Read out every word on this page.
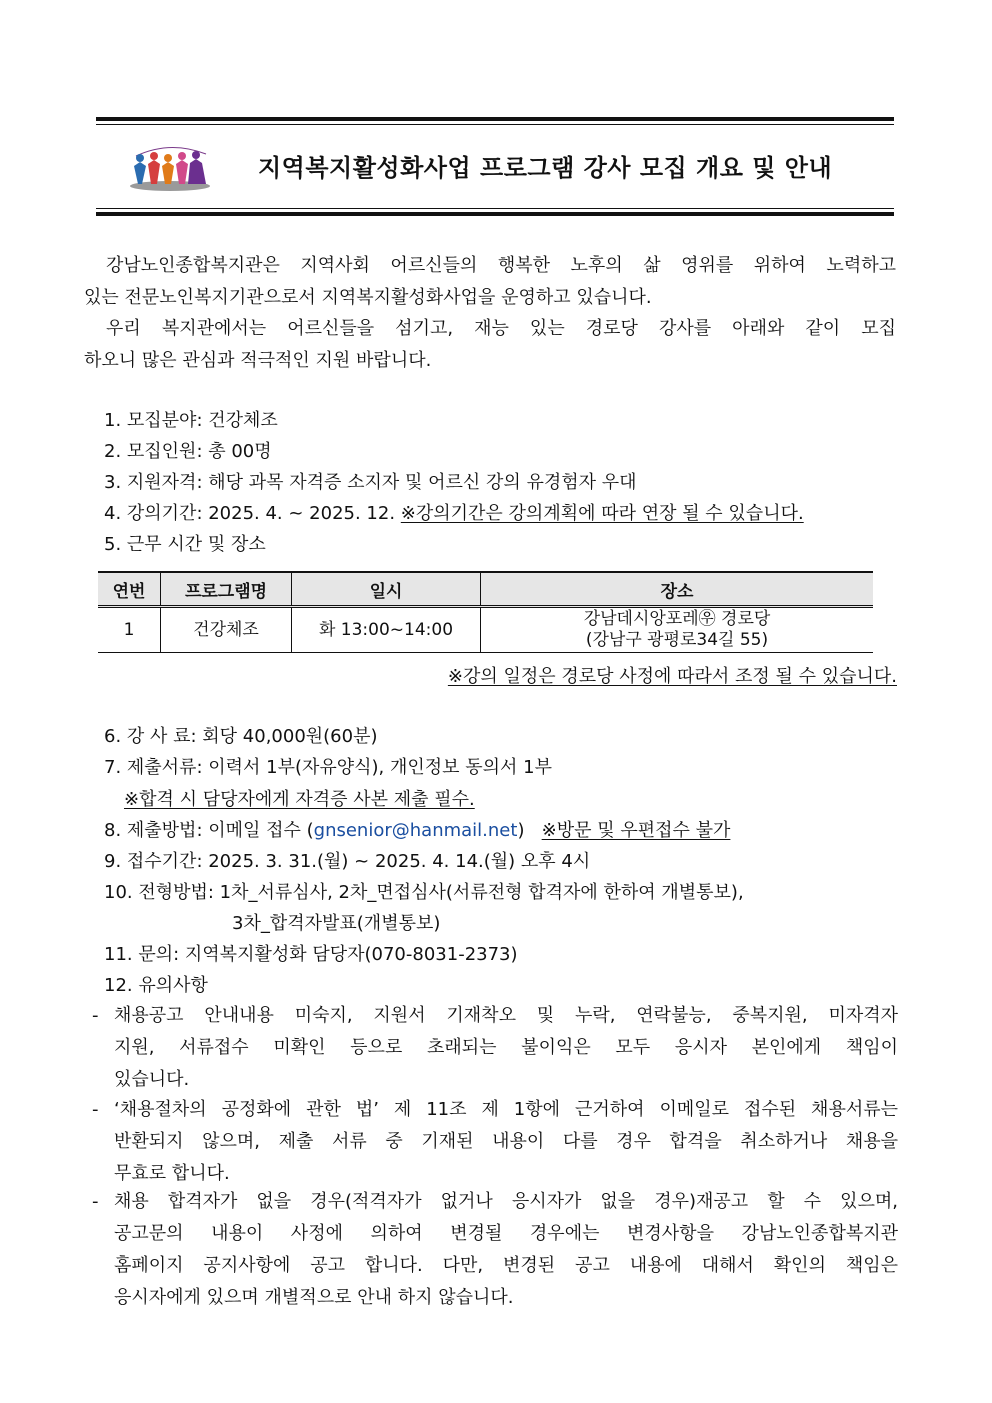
지역복지활성화사업 프로그램 강사 모집 개요 및 안내
강남노인종합복지관은 지역사회 어르신들의 행복한 노후의 삶 영위를 위하여 노력하고
있는 전문노인복지기관으로서 지역복지활성화사업을 운영하고 있습니다.
우리 복지관에서는 어르신들을 섬기고, 재능 있는 경로당 강사를 아래와 같이 모집
하오니 많은 관심과 적극적인 지원 바랍니다.
1. 모집분야: 건강체조
2. 모집인원: 총 00명
3. 지원자격: 해당 과목 자격증 소지자 및 어르신 강의 유경험자 우대
4. 강의기간: 2025. 4. ~ 2025. 12. ※강의기간은 강의계획에 따라 연장 될 수 있습니다.
5. 근무 시간 및 장소
연번	프로그램명	일시	장소
1	건강체조	화 13:00~14:00	강남데시앙포레㉾ 경로당
(강남구 광평로34길 55)
※강의 일정은 경로당 사정에 따라서 조정 될 수 있습니다.
6. 강 사 료: 회당 40,000원(60분)
7. 제출서류: 이력서 1부(자유양식), 개인정보 동의서 1부
※합격 시 담당자에게 자격증 사본 제출 필수.
8. 제출방법: 이메일 접수 (gnsenior@hanmail.net) ※방문 및 우편접수 불가
9. 접수기간: 2025. 3. 31.(월) ~ 2025. 4. 14.(월) 오후 4시
10. 전형방법: 1차_서류심사, 2차_면접심사(서류전형 합격자에 한하여 개별통보),
3차_합격자발표(개별통보)
11. 문의: 지역복지활성화 담당자(070-8031-2373)
12. 유의사항
- 채용공고 안내내용 미숙지, 지원서 기재착오 및 누락, 연락불능, 중복지원, 미자격자
지원, 서류접수 미확인 등으로 초래되는 불이익은 모두 응시자 본인에게 책임이
있습니다.
- ‘채용절차의 공정화에 관한 법’ 제 11조 제 1항에 근거하여 이메일로 접수된 채용서류는
반환되지 않으며, 제출 서류 중 기재된 내용이 다를 경우 합격을 취소하거나 채용을
무효로 합니다.
- 채용 합격자가 없을 경우(적격자가 없거나 응시자가 없을 경우)재공고 할 수 있으며,
공고문의 내용이 사정에 의하여 변경될 경우에는 변경사항을 강남노인종합복지관
홈페이지 공지사항에 공고 합니다. 다만, 변경된 공고 내용에 대해서 확인의 책임은
응시자에게 있으며 개별적으로 안내 하지 않습니다.
